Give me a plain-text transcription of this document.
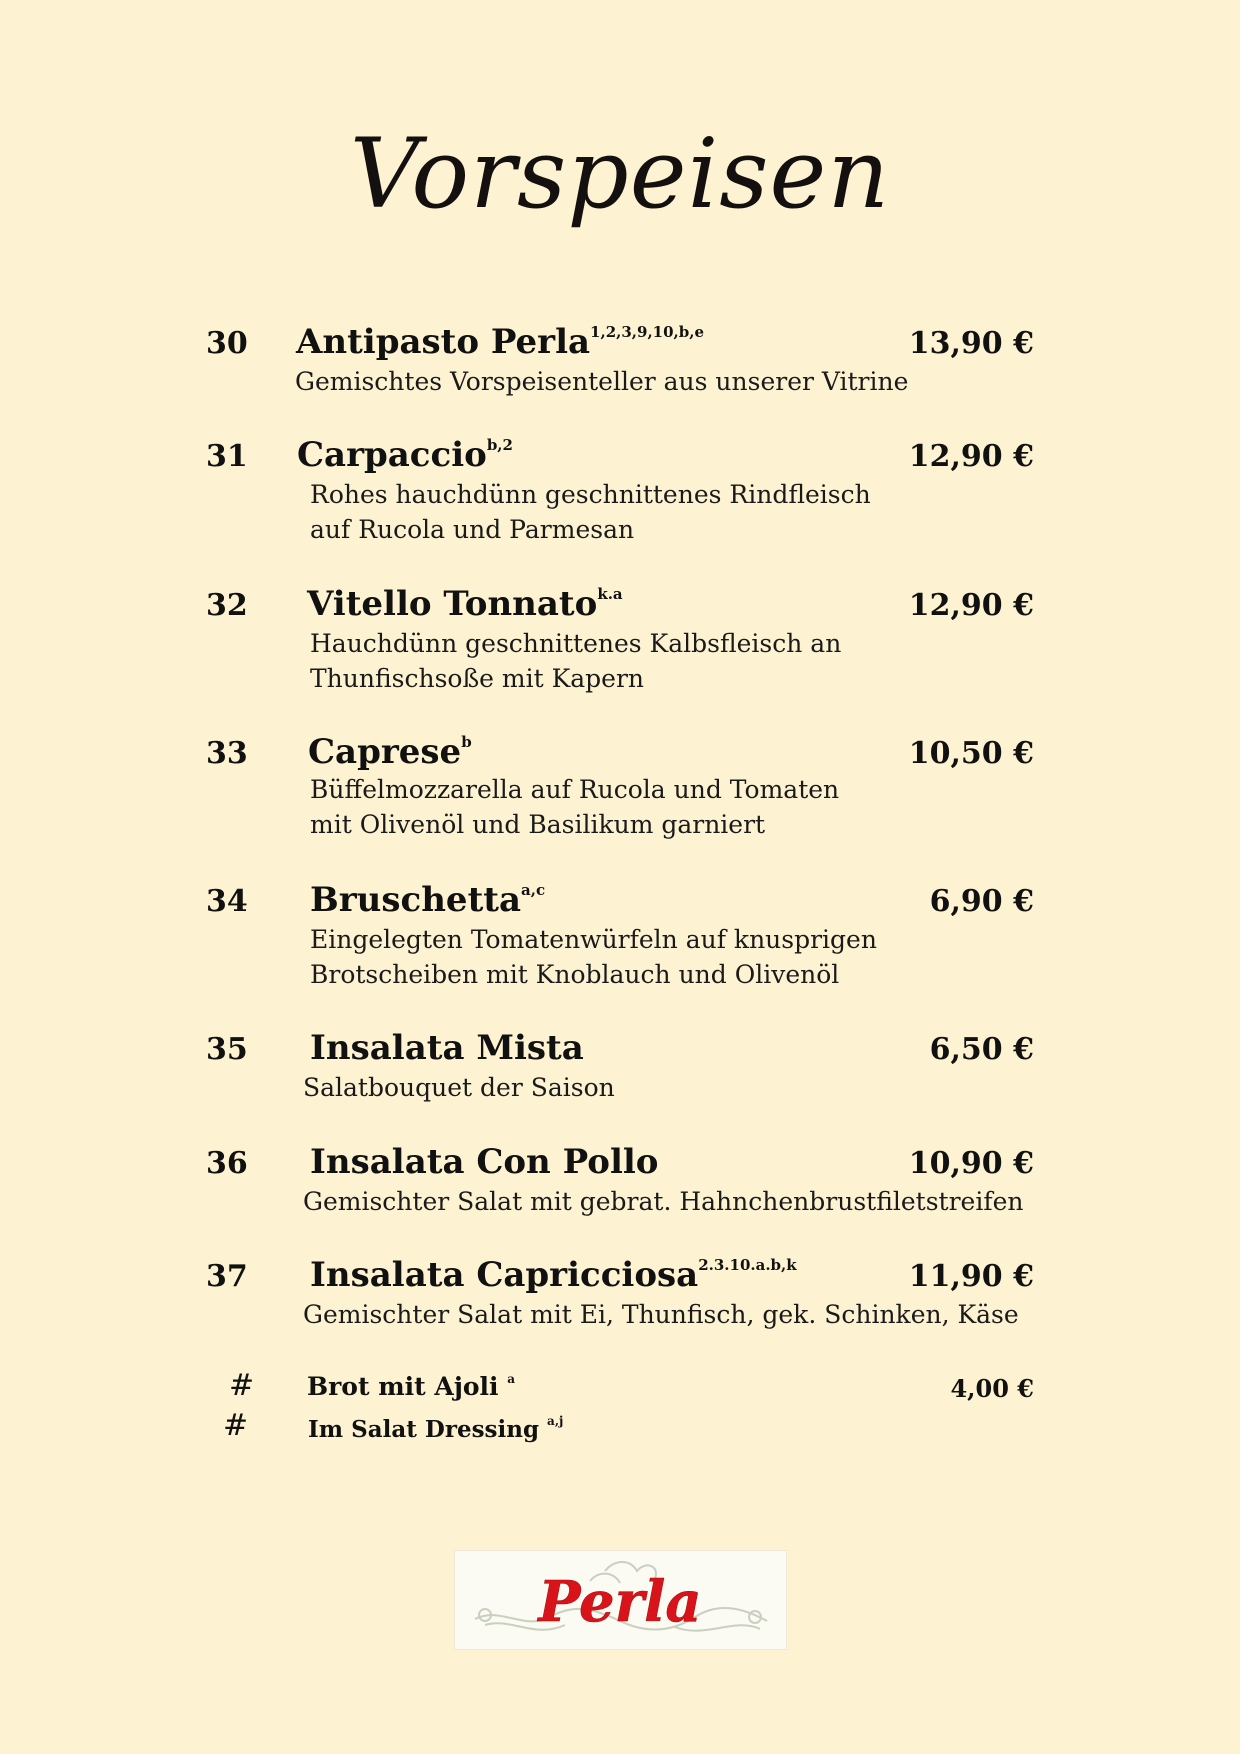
Vorspeisen
30 Antipasto Perla$^{1,2,3,9,10,b,e}$	13,90 €
Gemischtes Vorspeisenteller aus unserer Vitrine
31 Carpaccio$^{b,2}$	12,90 €
Rohes hauchdünn geschnittenes Rindfleisch
auf Rucola und Parmesan
32 Vitello Tonnato$^{k.a}$	12,90 €
Hauchdünn geschnittenes Kalbsfleisch an
Thunfischsoße mit Kapern
33 Caprese$^b$	10,50 €
Büffelmozzarella auf Rucola und Tomaten
mit Olivenöl und Basilikum garniert
34 Bruschetta$^{a,c}$	6,90 €
Eingelegten Tomatenwürfeln auf knusprigen
Brotscheiben mit Knoblauch und Olivenöl
35 Insalata Mista	6,50 €
Salatbouquet der Saison
36 Insalata Con Pollo	10,90 €
Gemischter Salat mit gebrat. Hahnchenbrustfiletstreifen
37 Insalata Capricciosa$^{2.3.10.a.b,k}$	11,90 €
Gemischter Salat mit Ei, Thunfisch, gek. Schinken, Käse
# Brot mit Ajoli $^a$	4,00 €
#	Im Salat Dressing $^{a,j}$
Perla
